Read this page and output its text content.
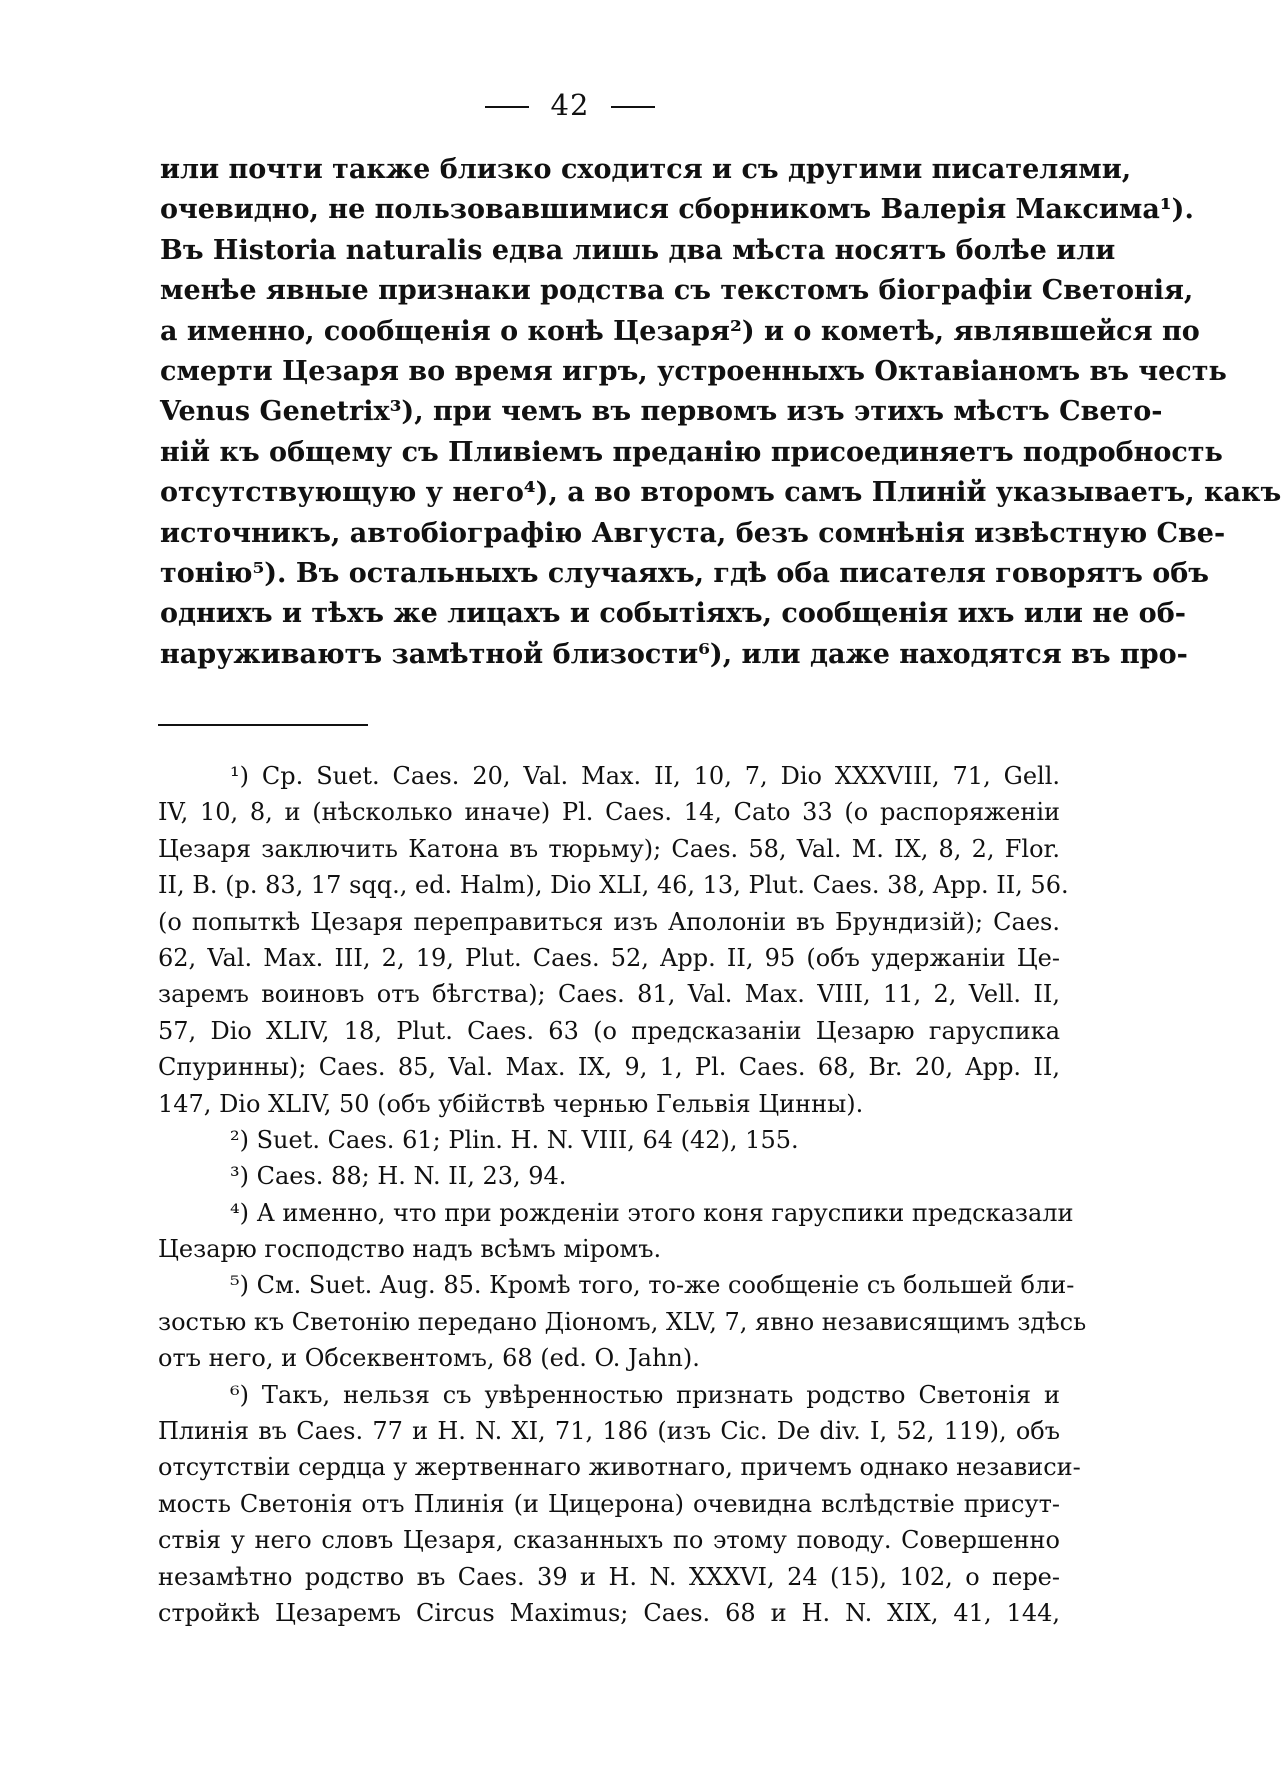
42
или почти также близко сходится и съ другими писателями,
очевидно, не пользовавшимися сборникомъ Валерія Максима¹).
Въ Historia naturalis едва лишь два мѣста носятъ болѣе или
менѣе явные признаки родства съ текстомъ біографіи Светонія,
а именно, сообщенія о конѣ Цезаря²) и о кометѣ, являвшейся по
смерти Цезаря во время игръ, устроенныхъ Октавіаномъ въ честь
Venus Genetrix³), при чемъ въ первомъ изъ этихъ мѣстъ Свето-
ній къ общему съ Пливіемъ преданію присоединяетъ подробность
отсутствующую у него⁴), а во второмъ самъ Плиній указываетъ, какъ
источникъ, автобіографію Августа, безъ сомнѣнія извѣстную Све-
тонію⁵). Въ остальныхъ случаяхъ, гдѣ оба писателя говорятъ объ
однихъ и тѣхъ же лицахъ и событіяхъ, сообщенія ихъ или не об-
наруживаютъ замѣтной близости⁶), или даже находятся въ про-
¹) Cp. Suet. Caes. 20, Val. Max. II, 10, 7, Dio XXXVIII, 71, Gell.
IV, 10, 8, и (нѣсколько иначе) Pl. Caes. 14, Cato 33 (о распоряженіи
Цезаря заключить Катона въ тюрьму); Caes. 58, Val. M. IX, 8, 2, Flor.
II, B. (p. 83, 17 sqq., ed. Halm), Dio XLI, 46, 13, Plut. Caes. 38, App. II, 56.
(о попыткѣ Цезаря переправиться изъ Аполоніи въ Брундизій); Caes.
62, Val. Max. III, 2, 19, Plut. Caes. 52, App. II, 95 (объ удержаніи Це-
заремъ воиновъ отъ бѣгства); Caes. 81, Val. Max. VIII, 11, 2, Vell. II,
57, Dio XLIV, 18, Plut. Caes. 63 (о предсказаніи Цезарю гаруспика
Спуринны); Caes. 85, Val. Max. IX, 9, 1, Pl. Caes. 68, Br. 20, App. II,
147, Dio XLIV, 50 (объ убійствѣ чернью Гельвія Цинны).
²) Suet. Caes. 61; Plin. H. N. VIII, 64 (42), 155.
³) Caes. 88; H. N. II, 23, 94.
⁴) А именно, что при рожденіи этого коня гаруспики предсказали
Цезарю господство надъ всѣмъ міромъ.
⁵) См. Suet. Aug. 85. Кромѣ того, то-же сообщеніе съ большей бли-
зостью къ Светонію передано Діономъ, XLV, 7, явно независящимъ здѣсь
отъ него, и Обсеквентомъ, 68 (ed. O. Jahn).
⁶) Такъ, нельзя съ увѣренностью признать родство Светонія и
Плинія въ Caes. 77 и H. N. XI, 71, 186 (изъ Cic. De div. I, 52, 119), объ
отсутствіи сердца у жертвеннаго животнаго, причемъ однако независи-
мость Светонія отъ Плинія (и Цицерона) очевидна вслѣдствіе присут-
ствія у него словъ Цезаря, сказанныхъ по этому поводу. Совершенно
незамѣтно родство въ Caes. 39 и H. N. XXXVI, 24 (15), 102, о пере-
стройкѣ Цезаремъ Circus Maximus; Caes. 68 и H. N. XIX, 41, 144,
